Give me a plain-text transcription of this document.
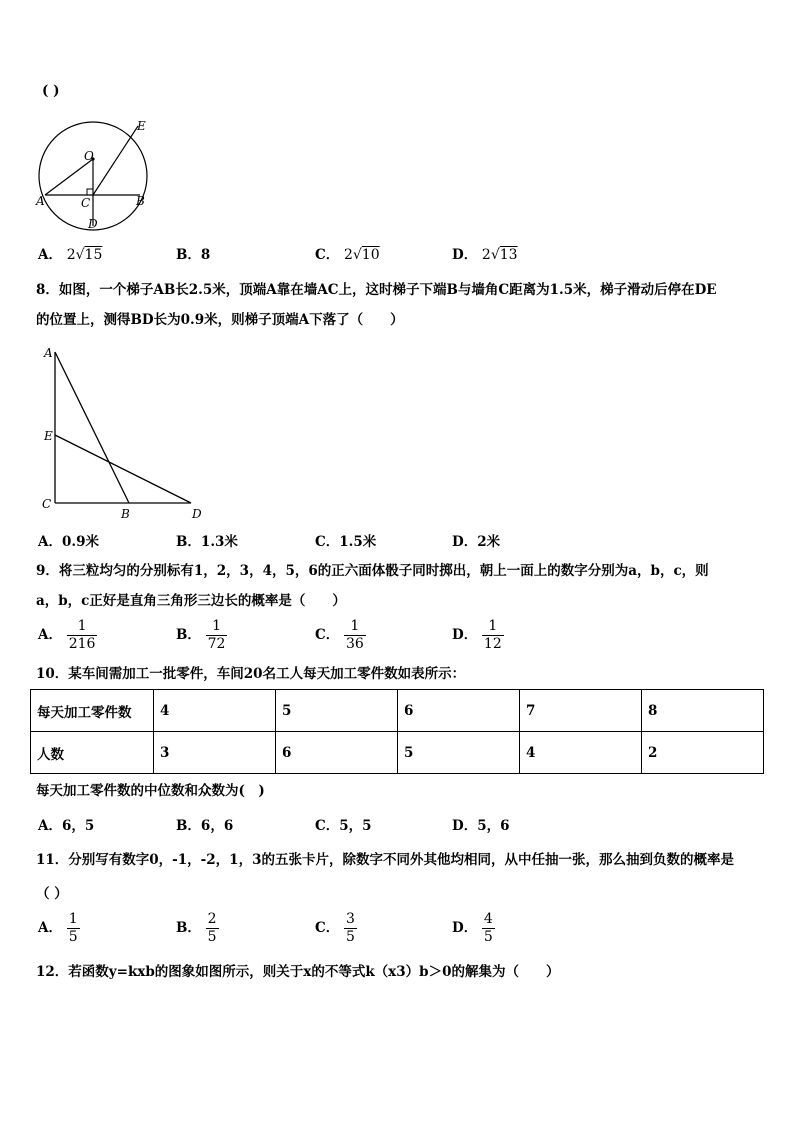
( )
O
E
A	C	B
D
A． 2√15	B．8	C． 2√10	D． 2√13
8．如图，一个梯子AB长2.5米，顶端A靠在墙AC上，这时梯子下端B与墙角C距离为1.5米，梯子滑动后停在DE
的位置上，测得BD长为0.9米，则梯子顶端A下落了（　　）
A
E
C
B	D
A．0.9米	B．1.3米	C．1.5米	D．2米
9．将三粒均匀的分别标有1，2，3，4，5，6的正六面体骰子同时掷出，朝上一面上的数字分别为a，b，c，则
a，b，c正好是直角三角形三边长的概率是（　　）
A． $\frac{1}{216}$	B． $\frac{1}{72}$	C． $\frac{1}{36}$	D． $\frac{1}{12}$
10．某车间需加工一批零件，车间20名工人每天加工零件数如表所示：
每天加工零件数	4	5	6	7	8
人数	3	6	5	4	2
每天加工零件数的中位数和众数为(　)
A．6，5	B．6，6	C．5，5	D．5，6
11．分别写有数字0，-1，-2，1，3的五张卡片，除数字不同外其他均相同，从中任抽一张，那么抽到负数的概率是
（ ）
A． $\frac{1}{5}$	B． $\frac{2}{5}$	C． $\frac{3}{5}$	D． $\frac{4}{5}$
12．若函数y=kxb的图象如图所示，则关于x的不等式k（x3）b＞0的解集为（　　）
